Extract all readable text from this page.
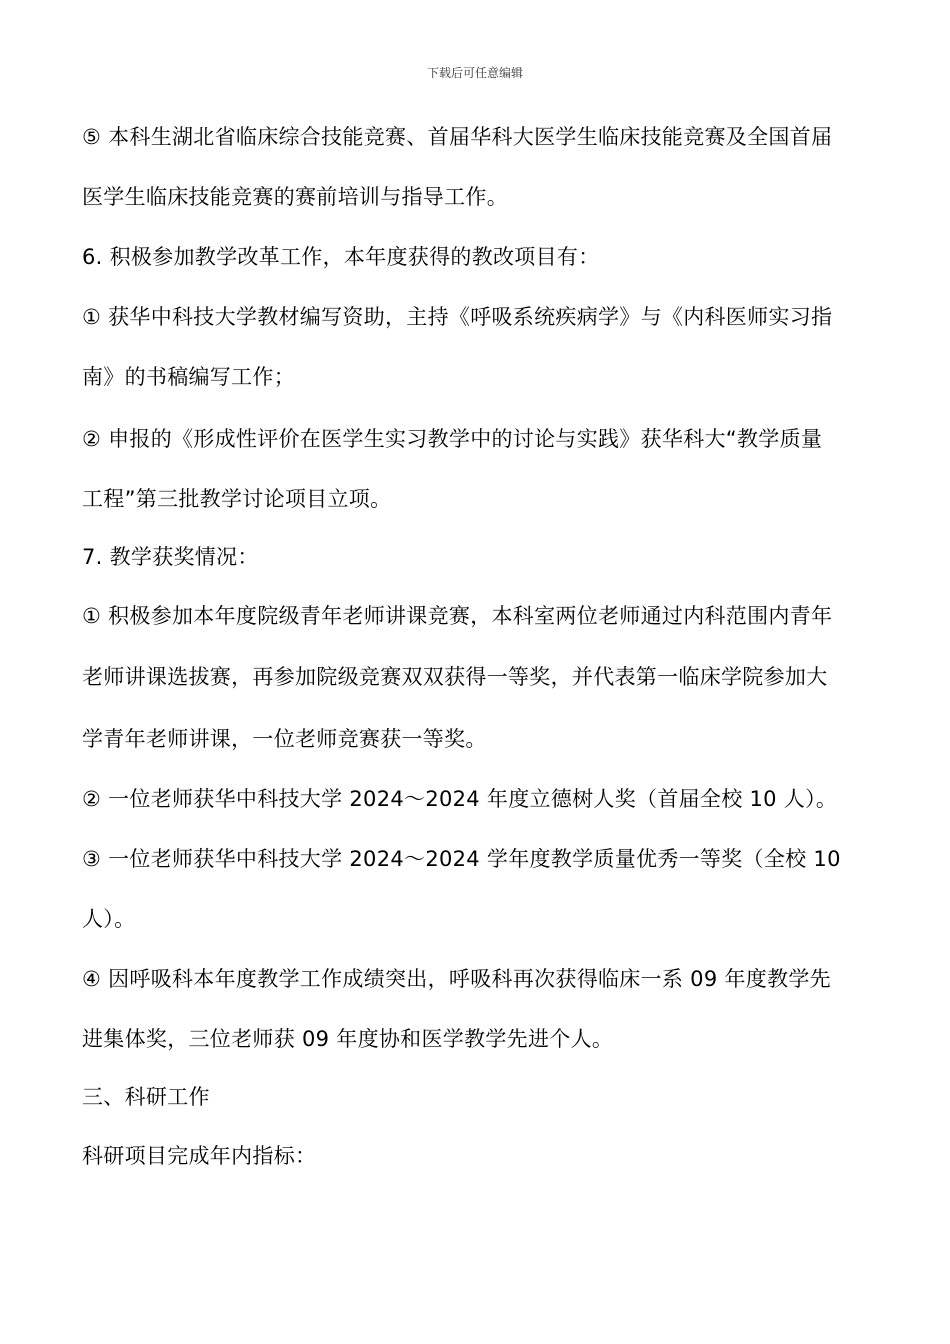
下载后可任意编辑
⑤ 本科生湖北省临床综合技能竞赛、首届华科大医学生临床技能竞赛及全国首届
医学生临床技能竞赛的赛前培训与指导工作。
6. 积极参加教学改革工作，本年度获得的教改项目有：
① 获华中科技大学教材编写资助，主持《呼吸系统疾病学》与《内科医师实习指
南》的书稿编写工作；
② 申报的《形成性评价在医学生实习教学中的讨论与实践》获华科大“教学质量
工程”第三批教学讨论项目立项。
7. 教学获奖情况：
① 积极参加本年度院级青年老师讲课竞赛，本科室两位老师通过内科范围内青年
老师讲课选拔赛，再参加院级竞赛双双获得一等奖，并代表第一临床学院参加大
学青年老师讲课，一位老师竞赛获一等奖。
② 一位老师获华中科技大学 2024～2024 年度立德树人奖（首届全校 10 人）。
③ 一位老师获华中科技大学 2024～2024 学年度教学质量优秀一等奖（全校 10
人）。
④ 因呼吸科本年度教学工作成绩突出，呼吸科再次获得临床一系 09 年度教学先
进集体奖，三位老师获 09 年度协和医学教学先进个人。
三、科研工作
科研项目完成年内指标：
